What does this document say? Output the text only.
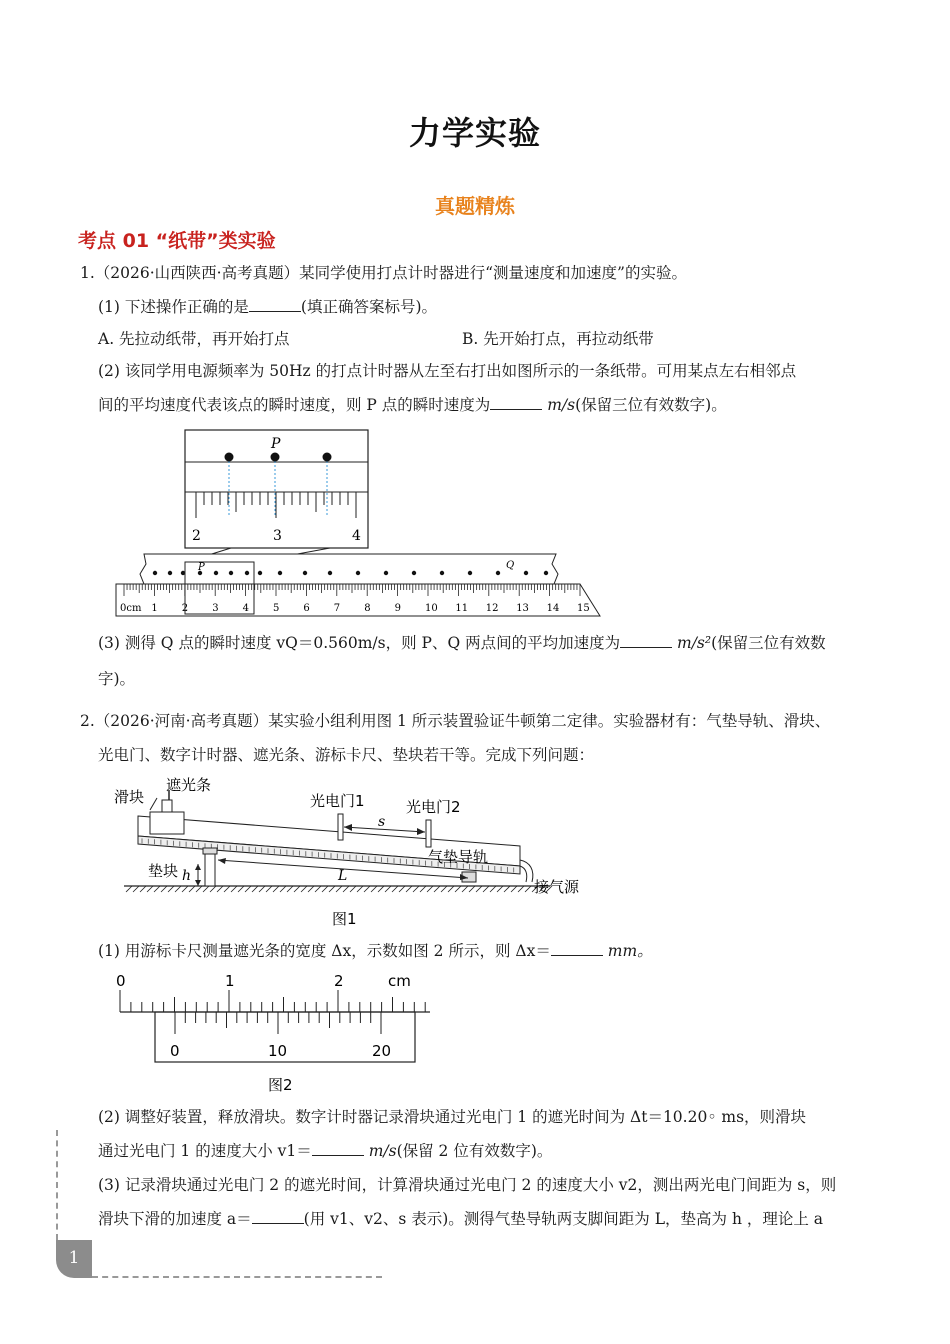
力学实验
真题精炼
考点 01 “纸带”类实验
1.（2026·山西陕西·高考真题）某同学使用打点计时器进行“测量速度和加速度”的实验。
(1) 下述操作正确的是	(填正确答案标号)。
A. 先拉动纸带，再开始打点	B. 先开始打点，再拉动纸带
(2) 该同学用电源频率为 50Hz 的打点计时器从左至右打出如图所示的一条纸带。可用某点左右相邻点
间的平均速度代表该点的瞬时速度，则 P 点的瞬时速度为	m/s(保留三位有效数字)。
P
2	3	4
P	Q
0cm 1 2 3 4 5 6 7 8 9 10 11 12 13 14 15
(3) 测得 Q 点的瞬时速度 vQ＝0.560m/s，则 P、Q 两点间的平均加速度为	m/s²(保留三位有效数
字)。
2.（2026·河南·高考真题）某实验小组利用图 1 所示装置验证牛顿第二定律。实验器材有：气垫导轨、滑块、
光电门、数字计时器、遮光条、游标卡尺、垫块若干等。完成下列问题：
s
h	L
滑块
遮光条
光电门1	光电门2
气垫导轨
垫块
接气源
图1
(1) 用游标卡尺测量遮光条的宽度 Δx，示数如图 2 所示，则 Δx＝	mm。
0	1	2	cm
0	10	20
图2
(2) 调整好装置，释放滑块。数字计时器记录滑块通过光电门 1 的遮光时间为 Δt＝10.20◦ ms，则滑块
通过光电门 1 的速度大小 v1＝	m/s(保留 2 位有效数字)。
(3) 记录滑块通过光电门 2 的遮光时间，计算滑块通过光电门 2 的速度大小 v2，测出两光电门间距为 s，则
滑块下滑的加速度 a＝	(用 v1、v2、s 表示)。测得气垫导轨两支脚间距为 L，垫高为 h ，理论上 a
1
